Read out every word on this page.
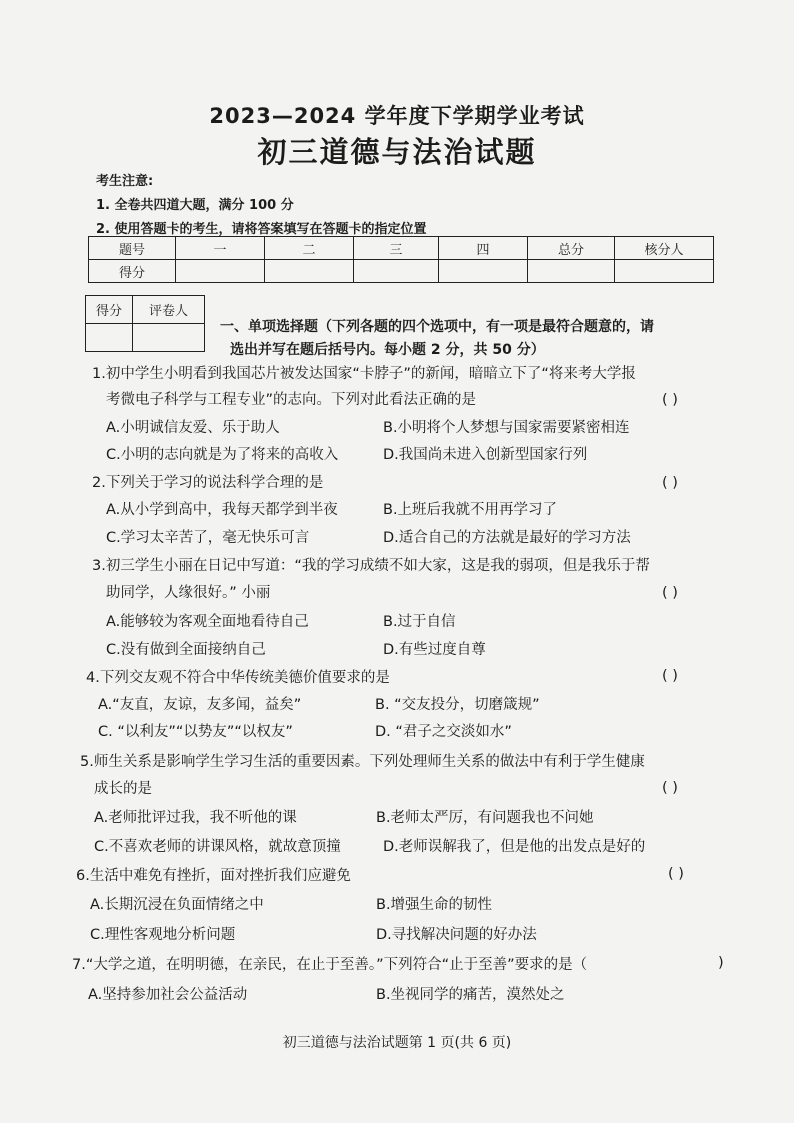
2023—2024 学年度下学期学业考试
初三道德与法治试题
考生注意:
1. 全卷共四道大题，满分 100 分
2. 使用答题卡的考生，请将答案填写在答题卡的指定位置
题号	一	二	三	四	总分	核分人
得分						
得分	评卷人

一、单项选择题（下列各题的四个选项中，有一项是最符合题意的，请
选出并写在题后括号内。每小题 2 分，共 50 分）
1.初中学生小明看到我国芯片被发达国家“卡脖子”的新闻，暗暗立下了“将来考大学报
考微电子科学与工程专业”的志向。下列对此看法正确的是	( )
A.小明诚信友爱、乐于助人	B.小明将个人梦想与国家需要紧密相连
C.小明的志向就是为了将来的高收入	D.我国尚未进入创新型国家行列
2.下列关于学习的说法科学合理的是	( )
A.从小学到高中，我每天都学到半夜	B.上班后我就不用再学习了
C.学习太辛苦了，毫无快乐可言	D.适合自己的方法就是最好的学习方法
3.初三学生小丽在日记中写道：“我的学习成绩不如大家，这是我的弱项，但是我乐于帮
助同学，人缘很好。” 小丽	( )
A.能够较为客观全面地看待自己	B.过于自信
C.没有做到全面接纳自己	D.有些过度自尊
4.下列交友观不符合中华传统美德价值要求的是	( )
A.“友直，友谅，友多闻，益矣”	B. “交友投分，切磨箴规”
C. “以利友”“以势友”“以权友”	D. “君子之交淡如水”
5.师生关系是影响学生学习生活的重要因素。下列处理师生关系的做法中有利于学生健康
成长的是	( )
A.老师批评过我，我不听他的课	B.老师太严厉，有问题我也不问她
C.不喜欢老师的讲课风格，就故意顶撞	D.老师误解我了，但是他的出发点是好的
6.生活中难免有挫折，面对挫折我们应避免	( )
A.长期沉浸在负面情绪之中	B.增强生命的韧性
C.理性客观地分析问题	D.寻找解决问题的好办法
7.“大学之道，在明明德，在亲民，在止于至善。”下列符合“止于至善”要求的是（	)
A.坚持参加社会公益活动	B.坐视同学的痛苦，漠然处之
初三道德与法治试题第 1 页(共 6 页)
